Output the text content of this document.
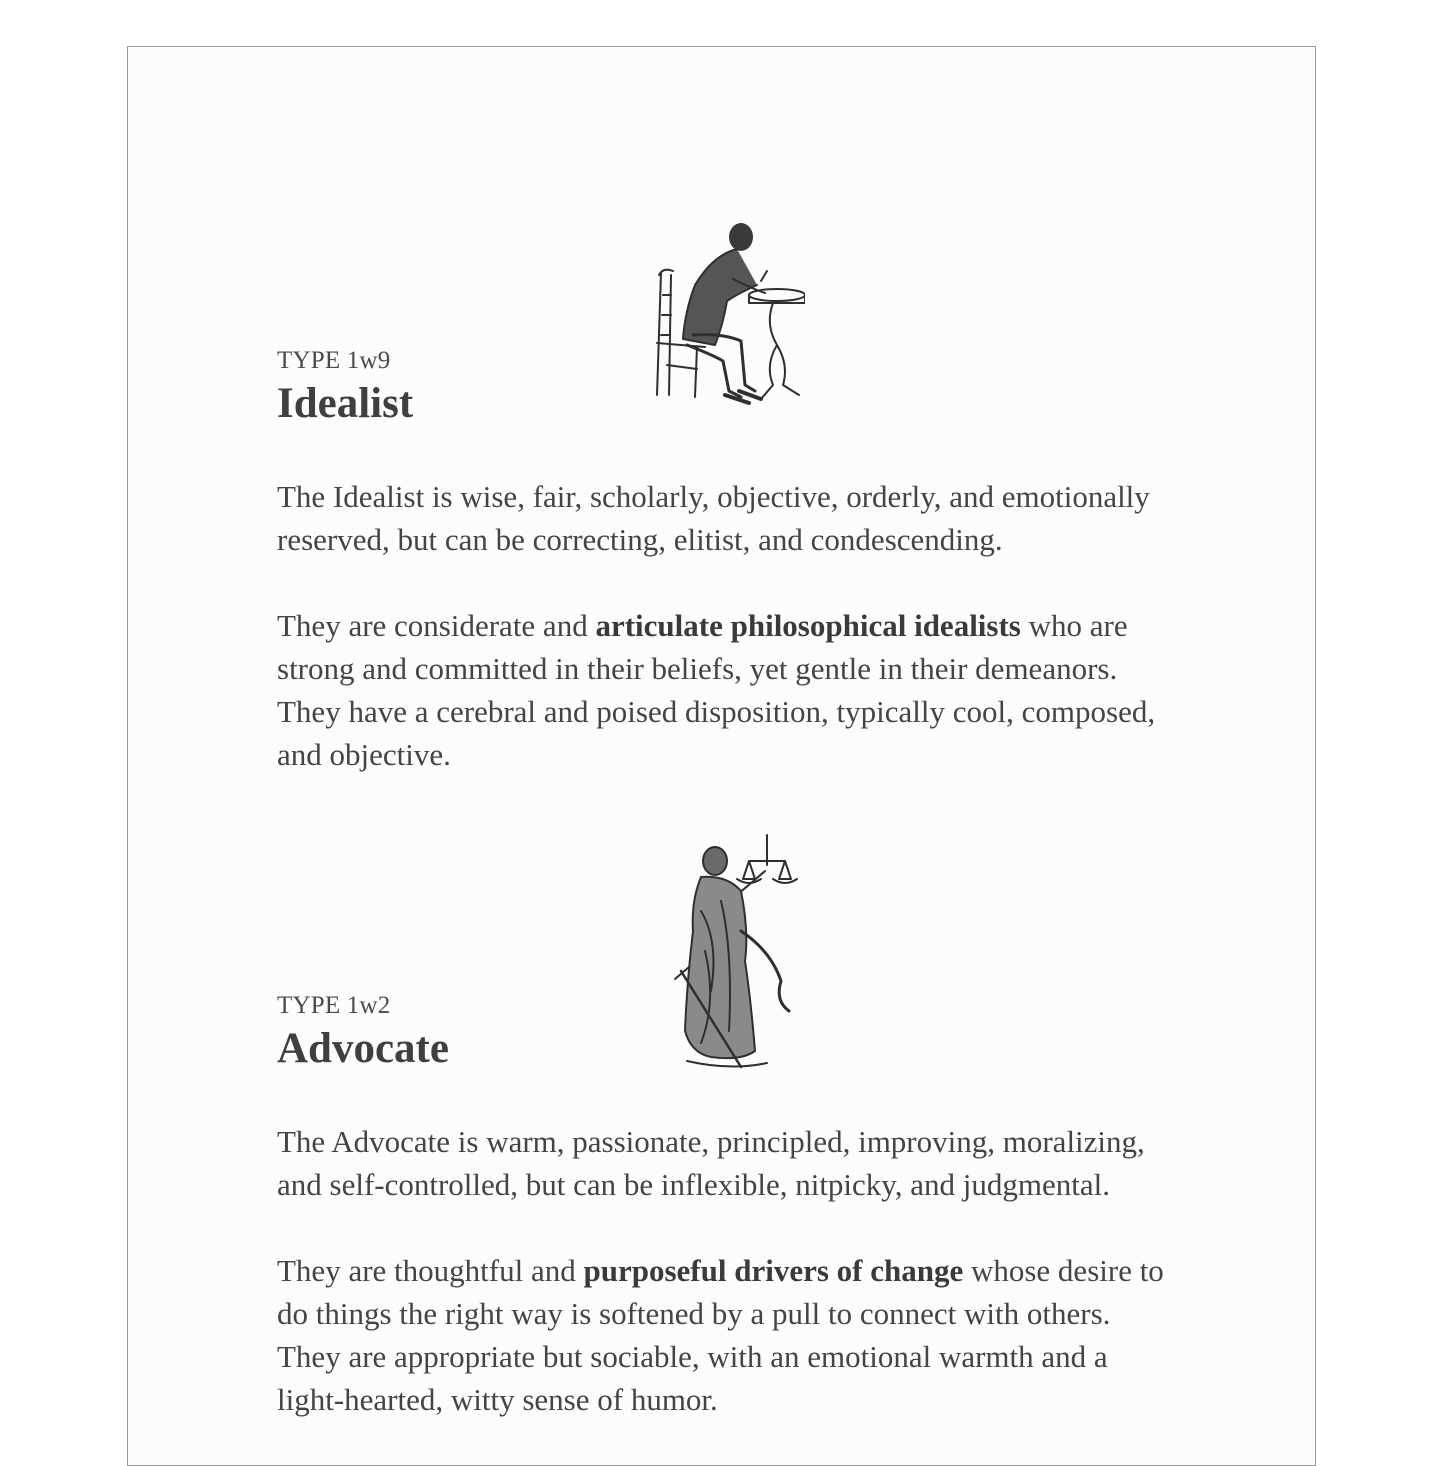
TYPE 1w9
Idealist

The Idealist is wise, fair, scholarly, objective, orderly, and emotionally reserved, but can be correcting, elitist, and condescending.

They are considerate and articulate philosophical idealists who are strong and committed in their beliefs, yet gentle in their demeanors. They have a cerebral and poised disposition, typically cool, composed, and objective.

TYPE 1w2
Advocate

The Advocate is warm, passionate, principled, improving, moralizing, and self-controlled, but can be inflexible, nitpicky, and judgmental.

They are thoughtful and purposeful drivers of change whose desire to do things the right way is softened by a pull to connect with others. They are appropriate but sociable, with an emotional warmth and a light-hearted, witty sense of humor.
